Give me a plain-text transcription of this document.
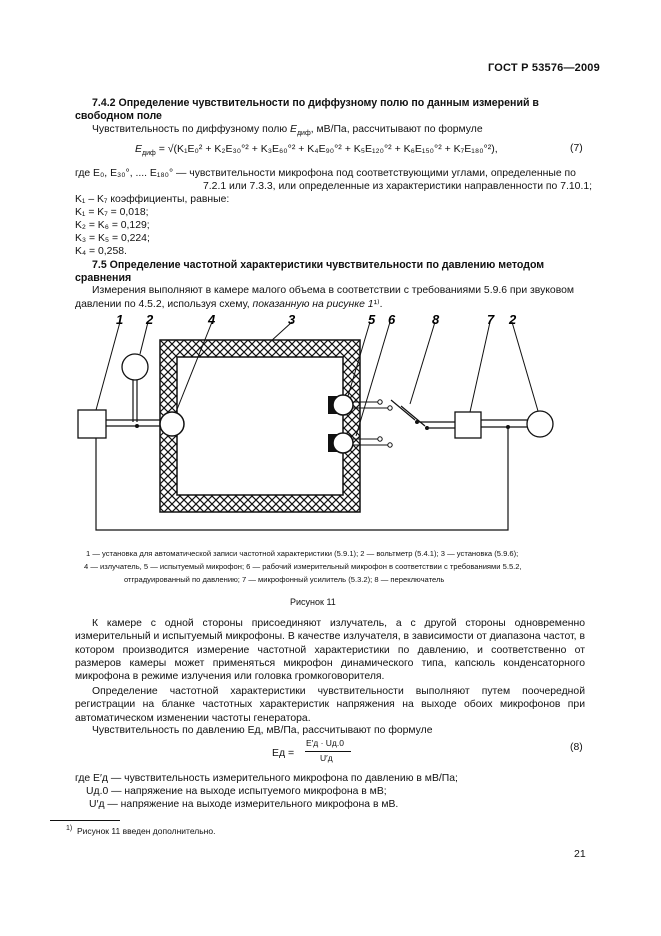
ГОСТ Р 53576—2009
7.4.2 Определение чувствительности по диффузному полю по данным измерений в
свободном поле
Чувствительность по диффузному полю $E_{диф}$, мВ/Па, рассчитывают по формуле
$E_{диф} = √(K_1E_0^2 + K_2E_{30}^\circ^2 + K_3E_{60}^\circ^2 + K_4E_{90}^\circ^2 + K_5E_{120}^\circ^2 + K_6E_{150}^\circ^2 + K_7E_{180}^\circ^2)$,	(7)
где E₀, E₃₀°, .... E₁₈₀° — чувствительности микрофона под соответствующими углами, определенные по
7.2.1 или 7.3.3, или определенные из характеристики направленности по 7.10.1;
K₁ – K₇ коэффициенты, равные:
K₁ = K₇ = 0,018;
K₂ = K₆ = 0,129;
K₃ = K₅ = 0,224;
K₄ = 0,258.
7.5 Определение частотной характеристики чувствительности по давлению методом
сравнения
Измерения выполняют в камере малого объема в соответствии с требованиями 5.9.6 при звуковом
давлении по 4.5.2, используя схему, показанную на рисунке 1¹⁾.
1 2	4	3	5 6	8	7 2
1 — установка для автоматической записи частотной характеристики (5.9.1); 2 — вольтметр (5.4.1); 3 — установка (5.9.6);
4 — излучатель, 5 — испытуемый микрофон; 6 — рабочий измерительный микрофон в соответствии с требованиями 5.5.2,
отградуированный по давлению; 7 — микрофонный усилитель (5.3.2); 8 — переключатель
Рисунок 11
К камере с одной стороны присоединяют излучатель, а с другой стороны одновременно измерительный и испытуемый микрофоны. В качестве излучателя, в зависимости от диапазона частот, в котором производится измерение частотной характеристики по давлению, и соответственно от размеров камеры может применяться микрофон динамического типа, капсюль конденсаторного микрофона в режиме излучения или головка громкоговорителя.
Определение частотной характеристики чувствительности выполняют путем поочередной регистрации на бланке частотных характеристик напряжения на выходе обоих микрофонов при автоматическом изменении частоты генератора.
Чувствительность по давлению Eд, мВ/Па, рассчитывают по формуле
Eд =
E′д · Uд.0
U′д
(8)
где E′д — чувствительность измерительного микрофона по давлению в мВ/Па;
Uд.0 — напряжение на выходе испытуемого микрофона в мВ;
U′д — напряжение на выходе измерительного микрофона в мВ.
$^{1)}$ Рисунок 11 введен дополнительно.
21
